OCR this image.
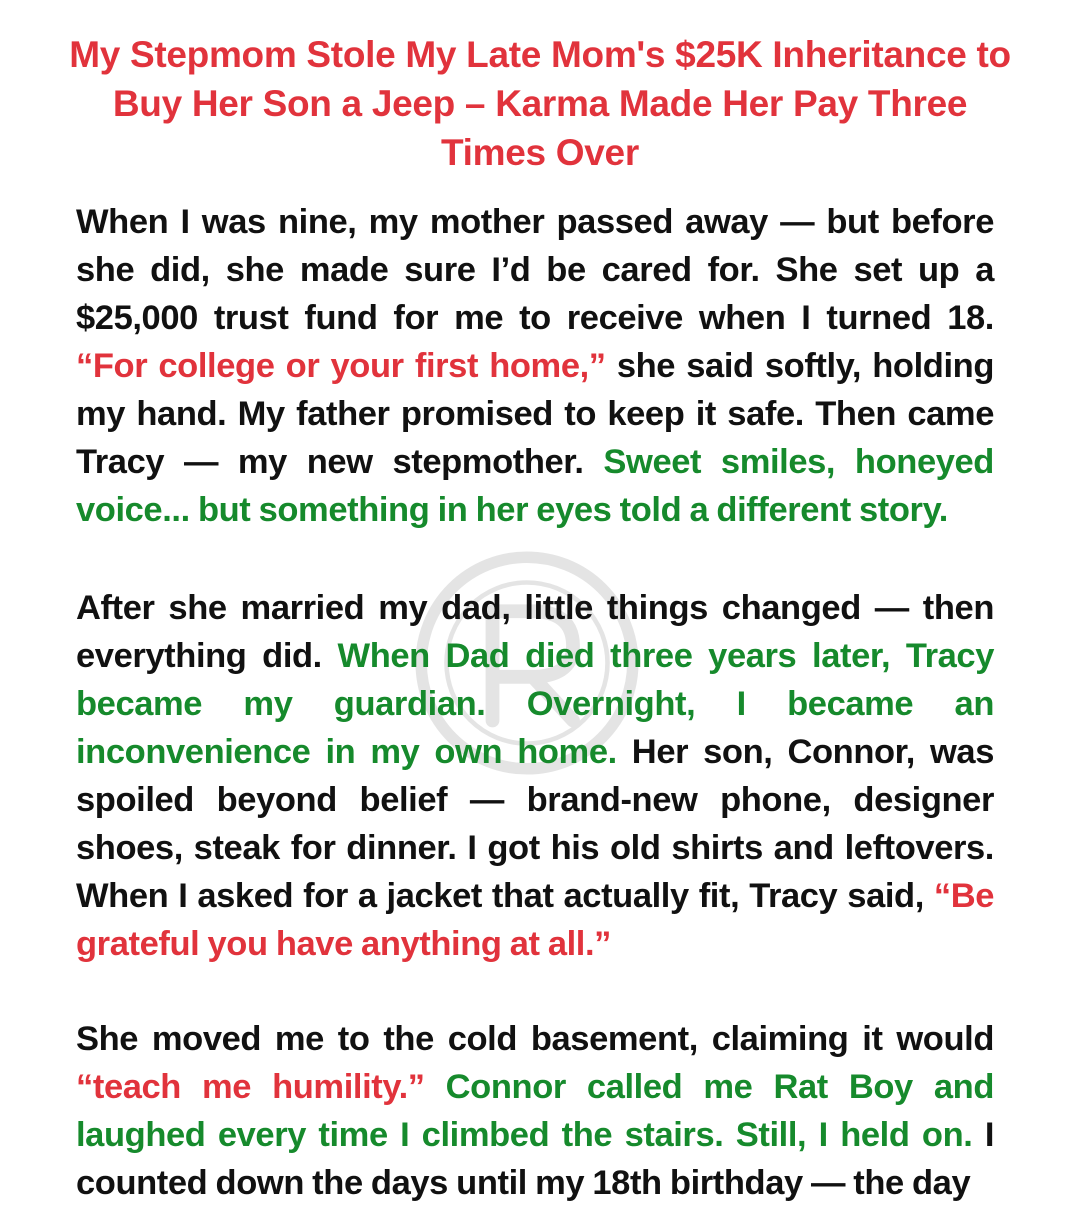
My Stepmom Stole My Late Mom's $25K Inheritance to Buy Her Son a Jeep – Karma Made Her Pay Three Times Over
When I was nine, my mother passed away — but before she did, she made sure I’d be cared for. She set up a $25,000 trust fund for me to receive when I turned 18. “For college or your first home,” she said softly, holding my hand. My father promised to keep it safe. Then came Tracy — my new stepmother. Sweet smiles, honeyed voice... but something in her eyes told a different story.
After she married my dad, little things changed — then everything did. When Dad died three years later, Tracy became my guardian. Overnight, I became an inconvenience in my own home. Her son, Connor, was spoiled beyond belief — brand-new phone, designer shoes, steak for dinner. I got his old shirts and leftovers. When I asked for a jacket that actually fit, Tracy said, “Be grateful you have anything at all.”
She moved me to the cold basement, claiming it would “teach me humility.” Connor called me Rat Boy and laughed every time I climbed the stairs. Still, I held on. I counted down the days until my 18th birthday — the day
